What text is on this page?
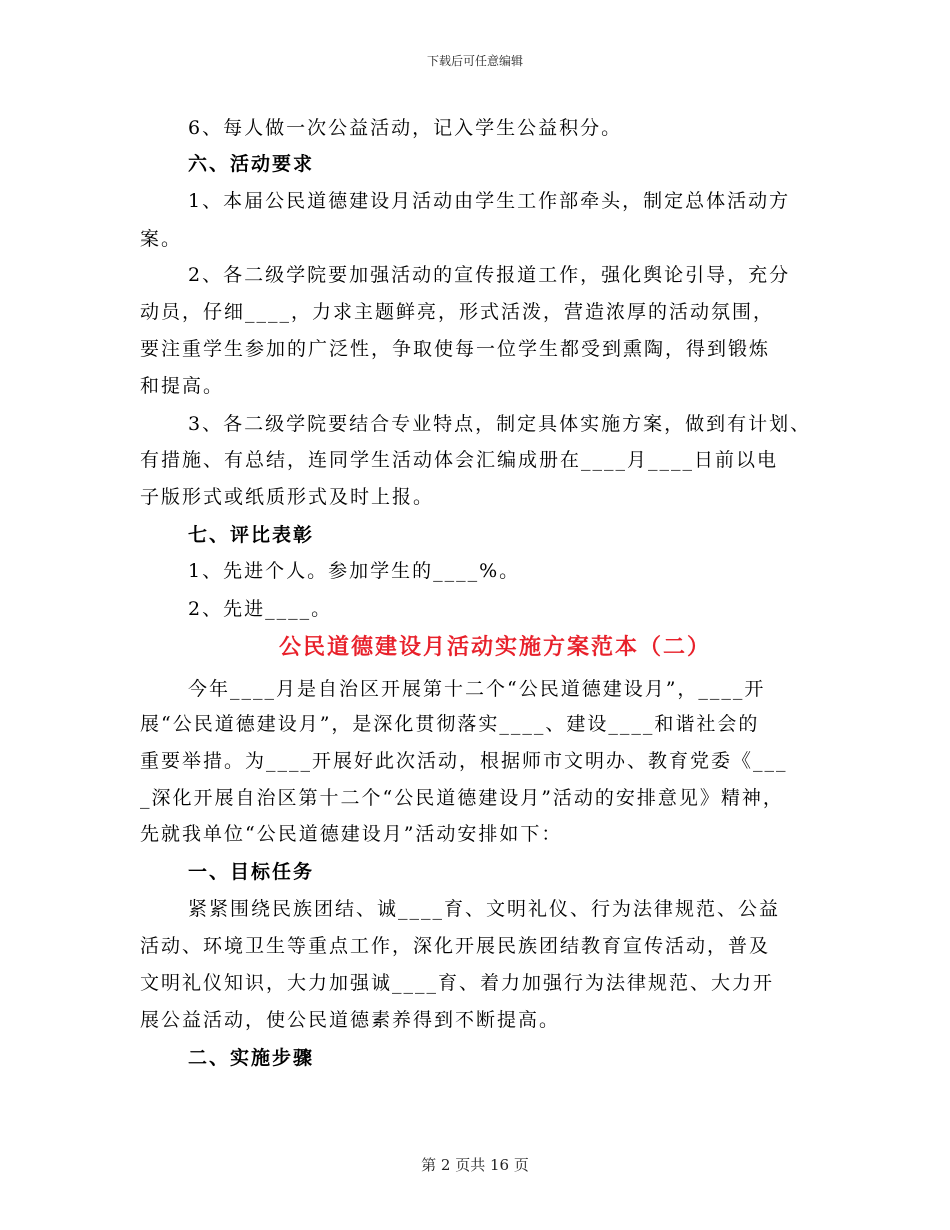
下载后可任意编辑
6、每人做一次公益活动，记入学生公益积分。
六、活动要求
1、本届公民道德建设月活动由学生工作部牵头，制定总体活动方
案。
2、各二级学院要加强活动的宣传报道工作，强化舆论引导，充分
动员，仔细____，力求主题鲜亮，形式活泼，营造浓厚的活动氛围，
要注重学生参加的广泛性，争取使每一位学生都受到熏陶，得到锻炼
和提高。
3、各二级学院要结合专业特点，制定具体实施方案，做到有计划、
有措施、有总结，连同学生活动体会汇编成册在____月____日前以电
子版形式或纸质形式及时上报。
七、评比表彰
1、先进个人。参加学生的____%。
2、先进____。
公民道德建设月活动实施方案范本（二）
今年____月是自治区开展第十二个“公民道德建设月”，____开
展“公民道德建设月”，是深化贯彻落实____、建设____和谐社会的
重要举措。为____开展好此次活动，根据师市文明办、教育党委《___
_深化开展自治区第十二个“公民道德建设月”活动的安排意见》精神，
先就我单位“公民道德建设月”活动安排如下：
一、目标任务
紧紧围绕民族团结、诚____育、文明礼仪、行为法律规范、公益
活动、环境卫生等重点工作，深化开展民族团结教育宣传活动，普及
文明礼仪知识，大力加强诚____育、着力加强行为法律规范、大力开
展公益活动，使公民道德素养得到不断提高。
二、实施步骤
第 2 页共 16 页
